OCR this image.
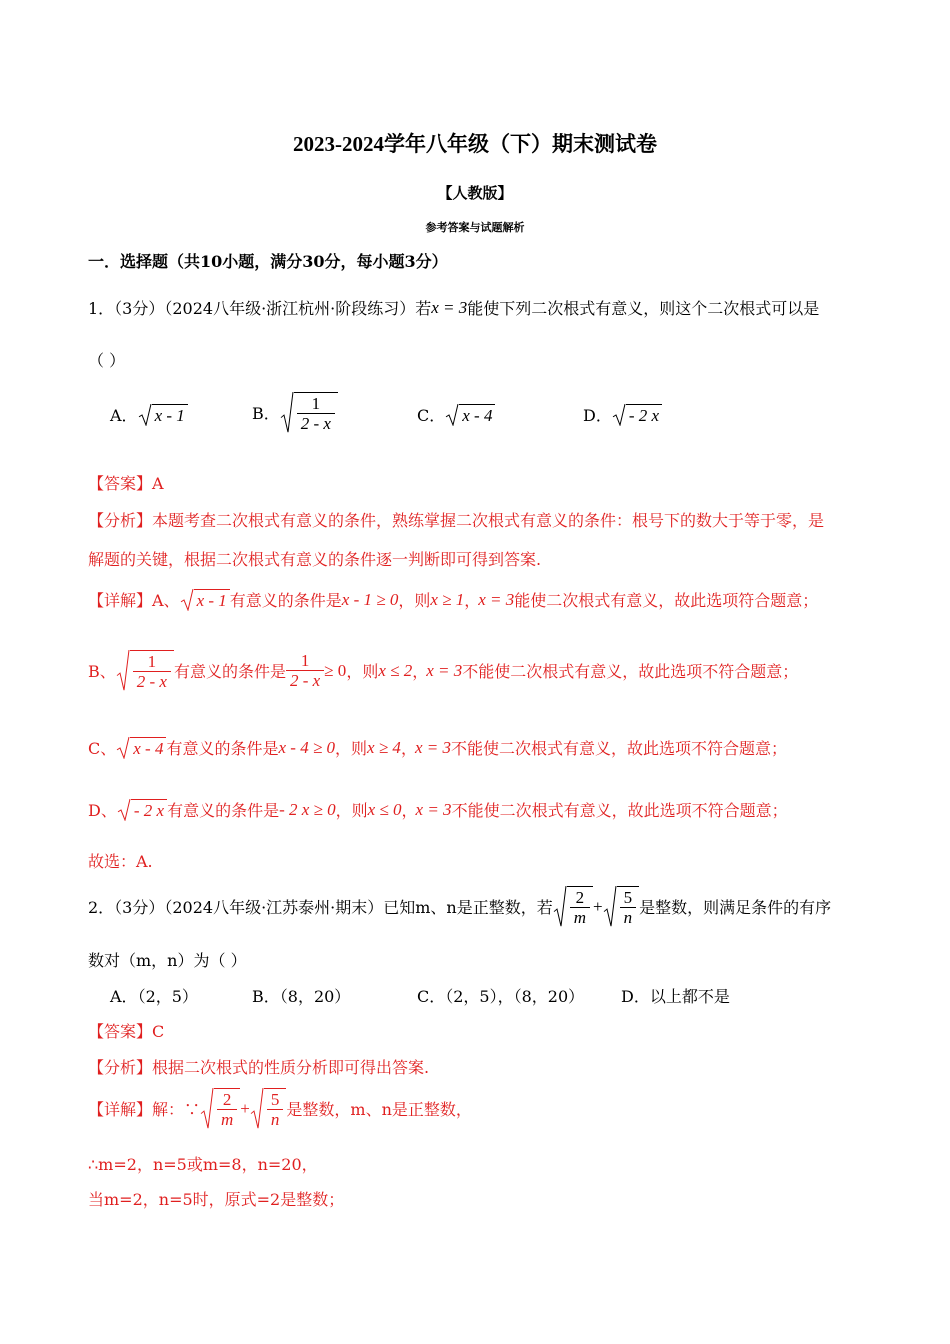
2023-2024学年八年级（下）期末测试卷
【人教版】
参考答案与试题解析
一．选择题（共10小题，满分30分，每小题3分）
1．（3分）（2024八年级·浙江杭州·阶段练习）若 x = 3 能使下列二次根式有意义，则这个二次根式可以是
（ ）
A． x - 1	B． $\frac{1}{2 - x}$	C． x - 4	D． - 2 x
【答案】A
【分析】本题考查二次根式有意义的条件，熟练掌握二次根式有意义的条件：根号下的数大于等于零，是
解题的关键，根据二次根式有意义的条件逐一判断即可得到答案.
【详解】A、 x - 1 有意义的条件是 x - 1 ≥ 0 ，则 x ≥ 1 ，
x = 3 能使二次根式有意义，故此选项符合题意；
B、 $\frac{1}{2 - x}$ 有意义的条件是 $\frac{1}{2 - x} \ge 0$ ，则 x ≤ 2 ，
x = 3 不能使二次根式有意义，故此选项不符合题意；
C、 x - 4 有意义的条件是 x - 4 ≥ 0 ，则 x ≥ 4 ，
x = 3 不能使二次根式有意义，故此选项不符合题意；
D、 - 2 x 有意义的条件是 - 2 x ≥ 0 ，则 x ≤ 0 ，
x = 3 不能使二次根式有意义，故此选项不符合题意；
故选：A.
2．（3分）（2024八年级·江苏泰州·期末）已知m、n是正整数，若 $\frac{2}{m} + \frac{5}{n}$ 是整数，则满足条件的有序
数对（m，n）为（ ）
A．（2，5）	B．（8，20）	C．（2，5），（8，20） D．以上都不是
【答案】C
【分析】根据二次根式的性质分析即可得出答案.
【详解】解：∵ $\frac{2}{m} + \frac{5}{n}$ 是整数，m、n是正整数，
∴m=2，n=5或m=8，n=20，
当m=2，n=5时，原式=2是整数；
